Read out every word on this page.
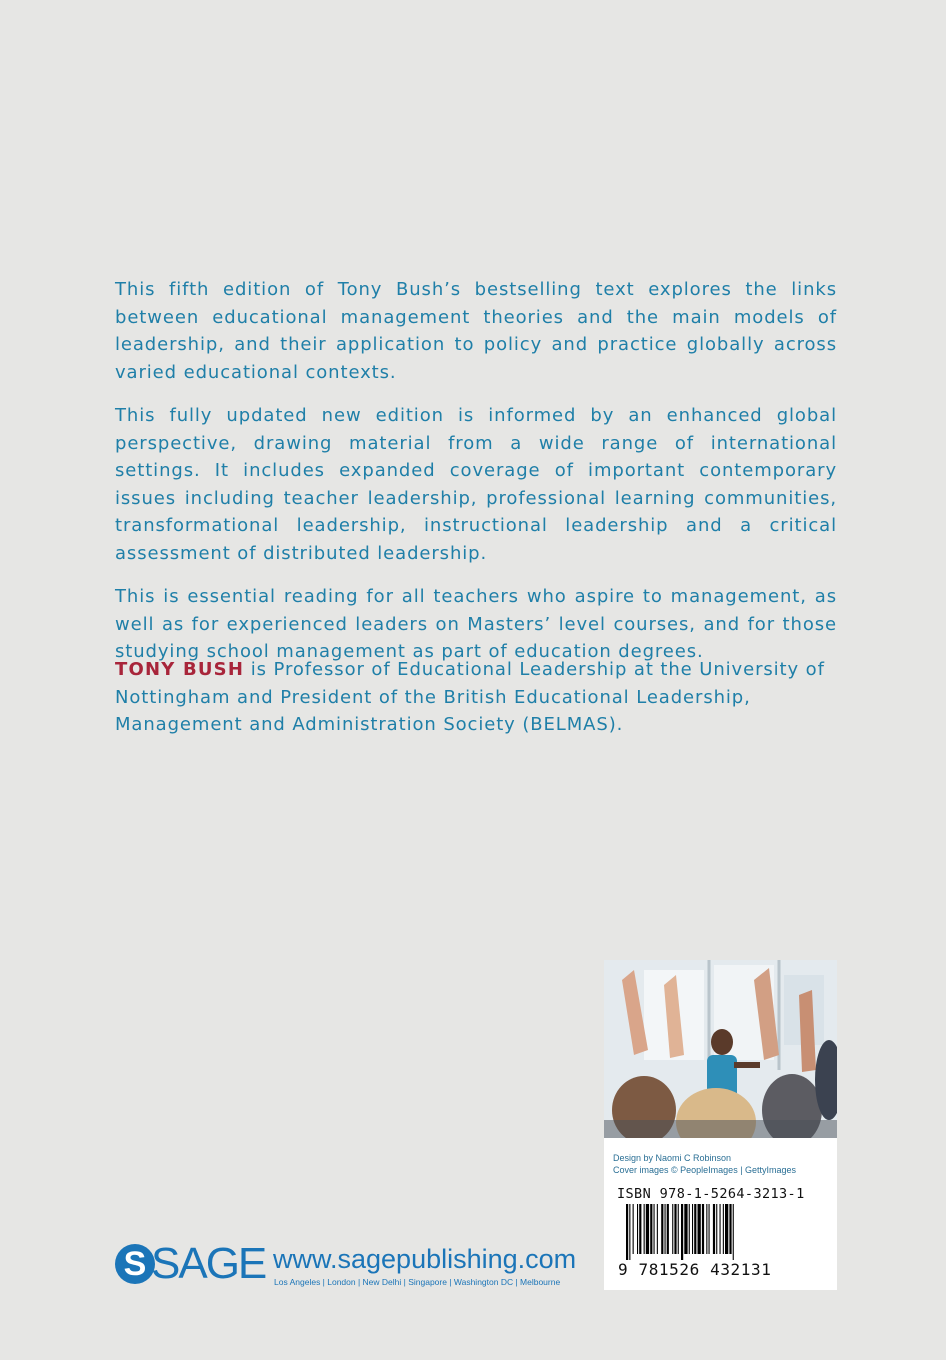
This fifth edition of Tony Bush’s bestselling text explores the links between educational management theories and the main models of leadership, and their application to policy and practice globally across varied educational contexts.

This fully updated new edition is informed by an enhanced global perspective, drawing material from a wide range of international settings. It includes expanded coverage of important contemporary issues including teacher leadership, professional learning communities, transformational leadership, instructional leadership and a critical assessment of distributed leadership.

This is essential reading for all teachers who aspire to management, as well as for experienced leaders on Masters’ level courses, and for those studying school management as part of education degrees.

TONY BUSH is Professor of Educational Leadership at the University of Nottingham and President of the British Educational Leadership, Management and Administration Society (BELMAS).
Design by Naomi C Robinson
Cover images © PeopleImages | GettyImages
ISBN 978-1-5264-3213-1
9 781526 432131
S SAGE www.sagepublishing.com
Los Angeles | London | New Delhi | Singapore | Washington DC | Melbourne
